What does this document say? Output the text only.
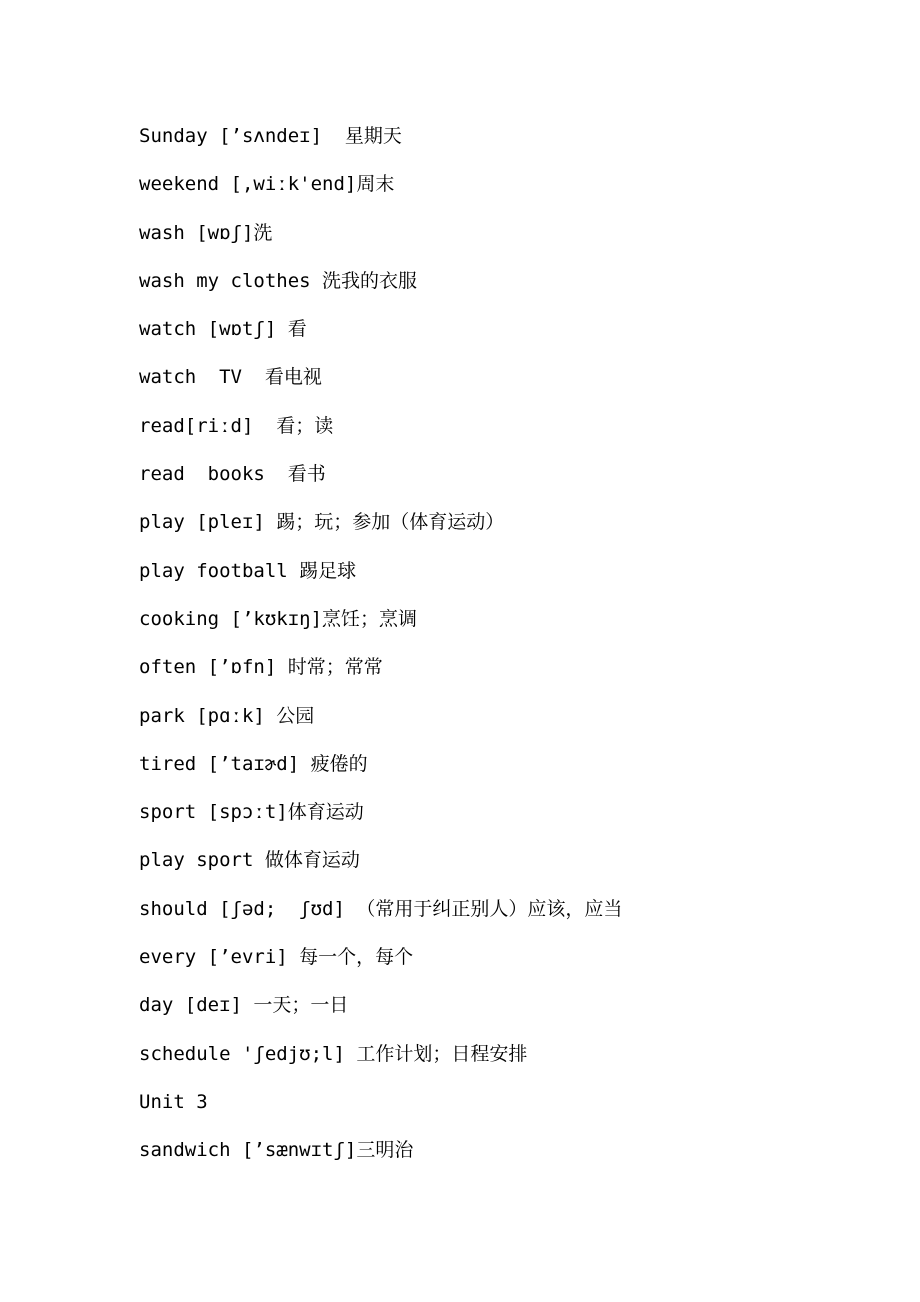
Sunday [’sʌndeɪ]  星期天
weekend [,wiːk'end]周末
wash [wɒʃ]洗
wash my clothes 洗我的衣服
watch [wɒtʃ] 看
watch  TV  看电视
read[riːd]  看；读
read  books  看书
play [pleɪ] 踢；玩；参加（体育运动）
play football 踢足球
cooking [’kʊkɪŋ]烹饪；烹调
often [’ɒfn] 时常；常常
park [pɑːk] 公园
tired [’taɪɚd] 疲倦的
sport [spɔːt]体育运动
play sport 做体育运动
should [ʃəd;  ʃʊd] （常用于纠正别人）应该，应当
every [’evri] 每一个，每个
day [deɪ] 一天；一日
schedule 'ʃedjʊ;l] 工作计划；日程安排
Unit 3
sandwich [’sænwɪtʃ]三明治
